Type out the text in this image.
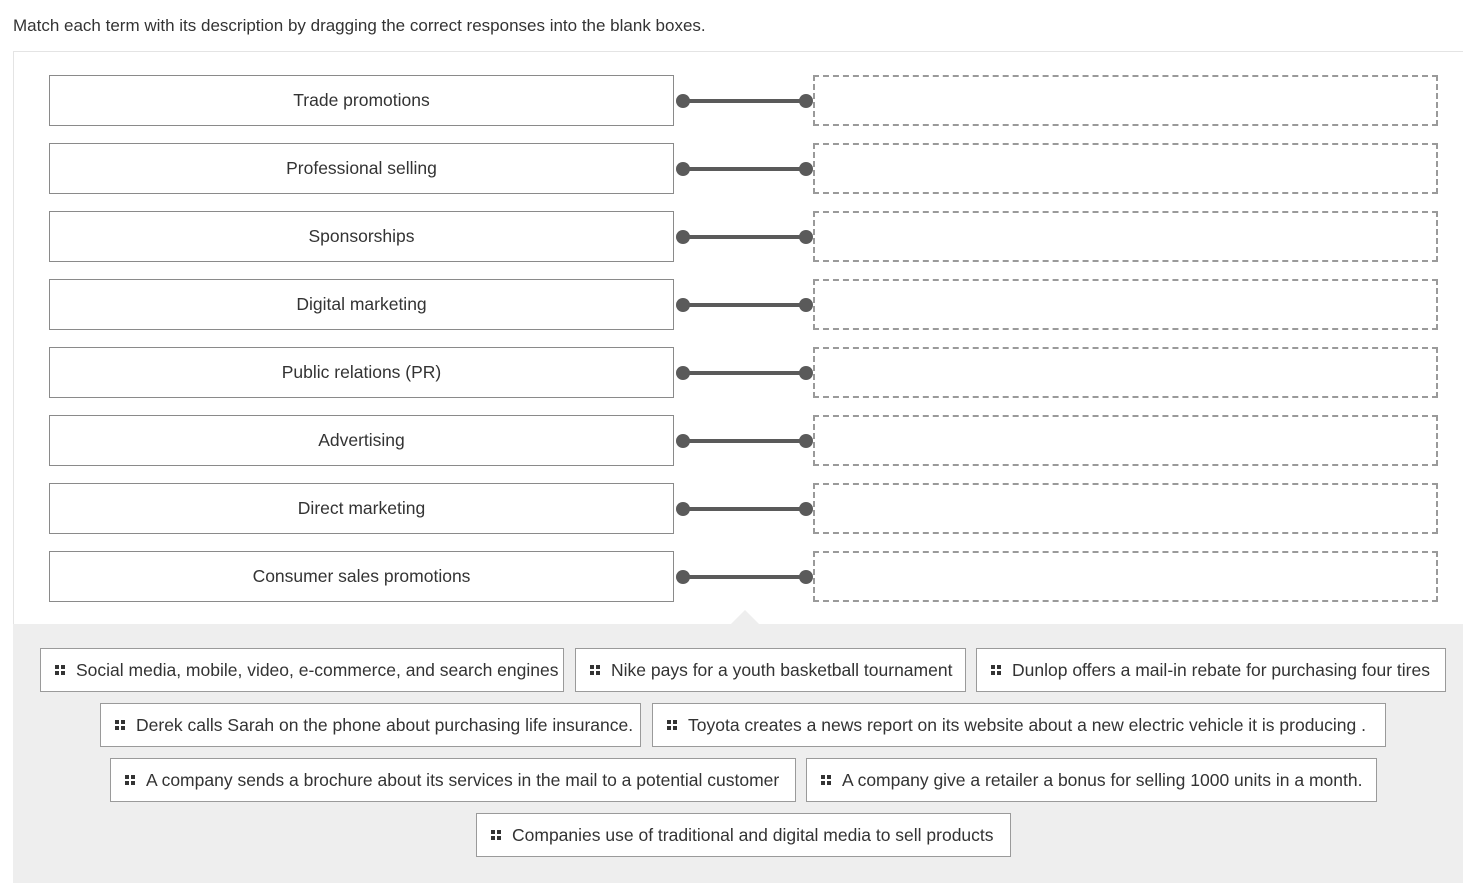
Match each term with its description by dragging the correct responses into the blank boxes.
Trade promotions
Professional selling
Sponsorships
Digital marketing
Public relations (PR)
Advertising
Direct marketing
Consumer sales promotions
Social media, mobile, video, e-commerce, and search engines	Nike pays for a youth basketball tournament	Dunlop offers a mail-in rebate for purchasing four tires
Derek calls Sarah on the phone about purchasing life insurance.	Toyota creates a news report on its website about a new electric vehicle it is producing .
A company sends a brochure about its services in the mail to a potential customer	A company give a retailer a bonus for selling 1000 units in a month.
Companies use of traditional and digital media to sell products
